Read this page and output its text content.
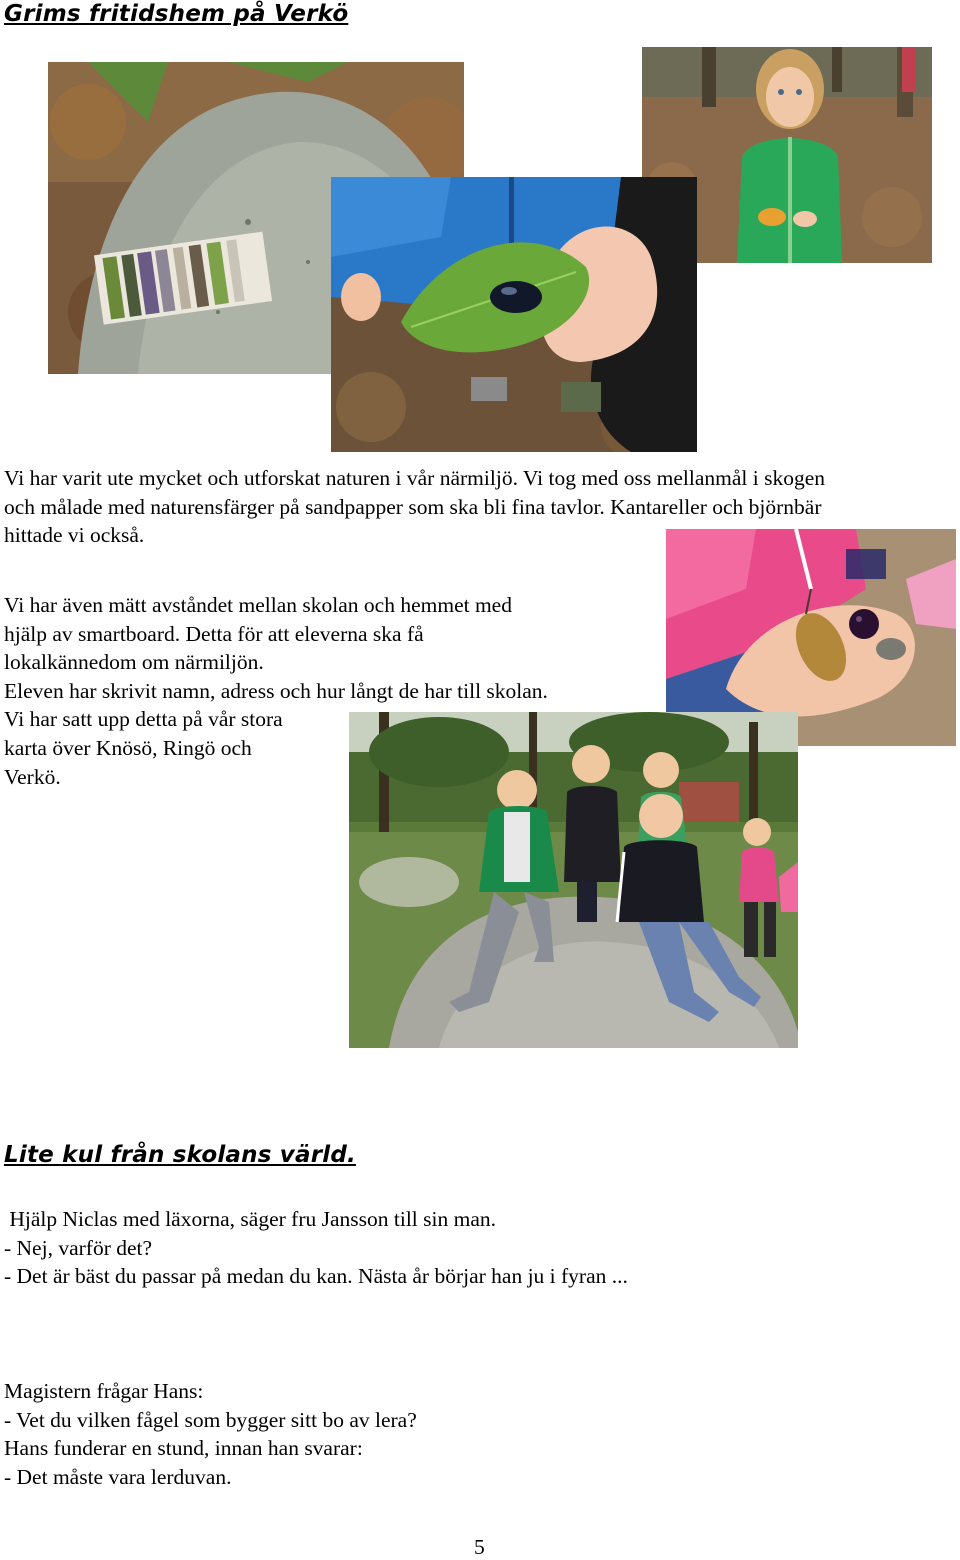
Grims fritidshem på Verkö
Vi har varit ute mycket och utforskat naturen i vår närmiljö. Vi tog med oss mellanmål i skogen
och målade med naturensfärger på sandpapper som ska bli fina tavlor. Kantareller och björnbär
hittade vi också.
Vi har även mätt avståndet mellan skolan och hemmet med
hjälp av smartboard. Detta för att eleverna ska få
lokalkännedom om närmiljön.
Eleven har skrivit namn, adress och hur långt de har till skolan.
Vi har satt upp detta på vår stora
karta över Knösö, Ringö och
Verkö.
Lite kul från skolans värld.
Hjälp Niclas med läxorna, säger fru Jansson till sin man.
- Nej, varför det?
- Det är bäst du passar på medan du kan. Nästa år börjar han ju i fyran ...
Magistern frågar Hans:
- Vet du vilken fågel som bygger sitt bo av lera?
Hans funderar en stund, innan han svarar:
- Det måste vara lerduvan.
5
